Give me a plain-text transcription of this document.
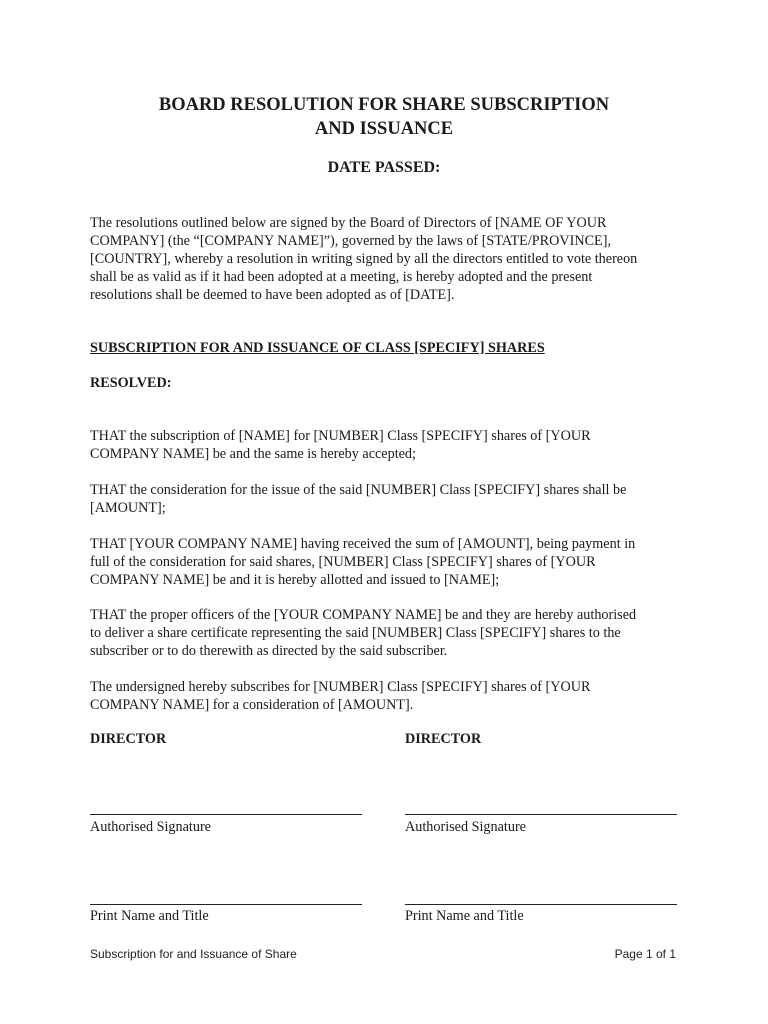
BOARD RESOLUTION FOR SHARE SUBSCRIPTION
AND ISSUANCE
DATE PASSED:
The resolutions outlined below are signed by the Board of Directors of [NAME OF YOUR
COMPANY] (the “[COMPANY NAME]”), governed by the laws of [STATE/PROVINCE],
[COUNTRY], whereby a resolution in writing signed by all the directors entitled to vote thereon
shall be as valid as if it had been adopted at a meeting, is hereby adopted and the present
resolutions shall be deemed to have been adopted as of [DATE].
SUBSCRIPTION FOR AND ISSUANCE OF CLASS [SPECIFY] SHARES
RESOLVED:
THAT the subscription of [NAME] for [NUMBER] Class [SPECIFY] shares of [YOUR
COMPANY NAME] be and the same is hereby accepted;
THAT the consideration for the issue of the said [NUMBER] Class [SPECIFY] shares shall be
[AMOUNT];
THAT [YOUR COMPANY NAME] having received the sum of [AMOUNT], being payment in
full of the consideration for said shares, [NUMBER] Class [SPECIFY] shares of [YOUR
COMPANY NAME] be and it is hereby allotted and issued to [NAME];
THAT the proper officers of the [YOUR COMPANY NAME] be and they are hereby authorised
to deliver a share certificate representing the said [NUMBER] Class [SPECIFY] shares to the
subscriber or to do therewith as directed by the said subscriber.
The undersigned hereby subscribes for [NUMBER] Class [SPECIFY] shares of [YOUR
COMPANY NAME] for a consideration of [AMOUNT].
DIRECTOR
Authorised Signature
Print Name and Title
DIRECTOR
Authorised Signature
Print Name and Title
Subscription for and Issuance of Share	Page 1 of 1
